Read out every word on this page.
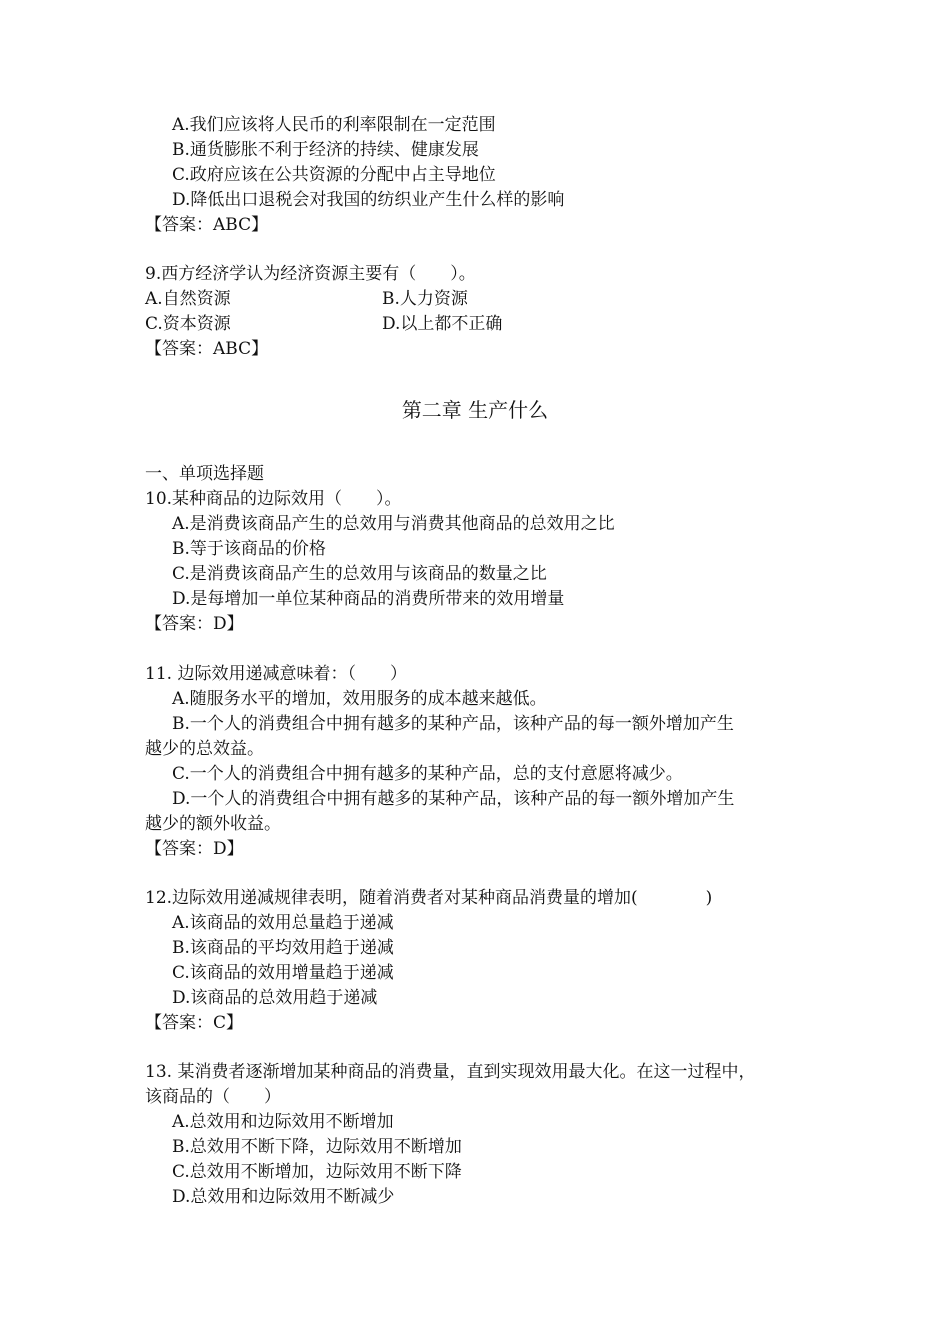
A.我们应该将人民币的利率限制在一定范围
B.通货膨胀不利于经济的持续、健康发展
C.政府应该在公共资源的分配中占主导地位
D.降低出口退税会对我国的纺织业产生什么样的影响
【答案：ABC】
9.西方经济学认为经济资源主要有（　　）。
A.自然资源	B.人力资源
C.资本资源	D.以上都不正确
【答案：ABC】
第二章 生产什么
一、单项选择题
10.某种商品的边际效用（　　）。
A.是消费该商品产生的总效用与消费其他商品的总效用之比
B.等于该商品的价格
C.是消费该商品产生的总效用与该商品的数量之比
D.是每增加一单位某种商品的消费所带来的效用增量
【答案：D】
11. 边际效用递减意味着：（　　）
A.随服务水平的增加，效用服务的成本越来越低。
B.一个人的消费组合中拥有越多的某种产品，该种产品的每一额外增加产生
越少的总效益。
C.一个人的消费组合中拥有越多的某种产品，总的支付意愿将减少。
D.一个人的消费组合中拥有越多的某种产品，该种产品的每一额外增加产生
越少的额外收益。
【答案：D】
12.边际效用递减规律表明，随着消费者对某种商品消费量的增加(　　　　)
A.该商品的效用总量趋于递减
B.该商品的平均效用趋于递减
C.该商品的效用增量趋于递减
D.该商品的总效用趋于递减
【答案：C】
13. 某消费者逐渐增加某种商品的消费量，直到实现效用最大化。在这一过程中，
该商品的（　　）
A.总效用和边际效用不断增加
B.总效用不断下降，边际效用不断增加
C.总效用不断增加，边际效用不断下降
D.总效用和边际效用不断减少
